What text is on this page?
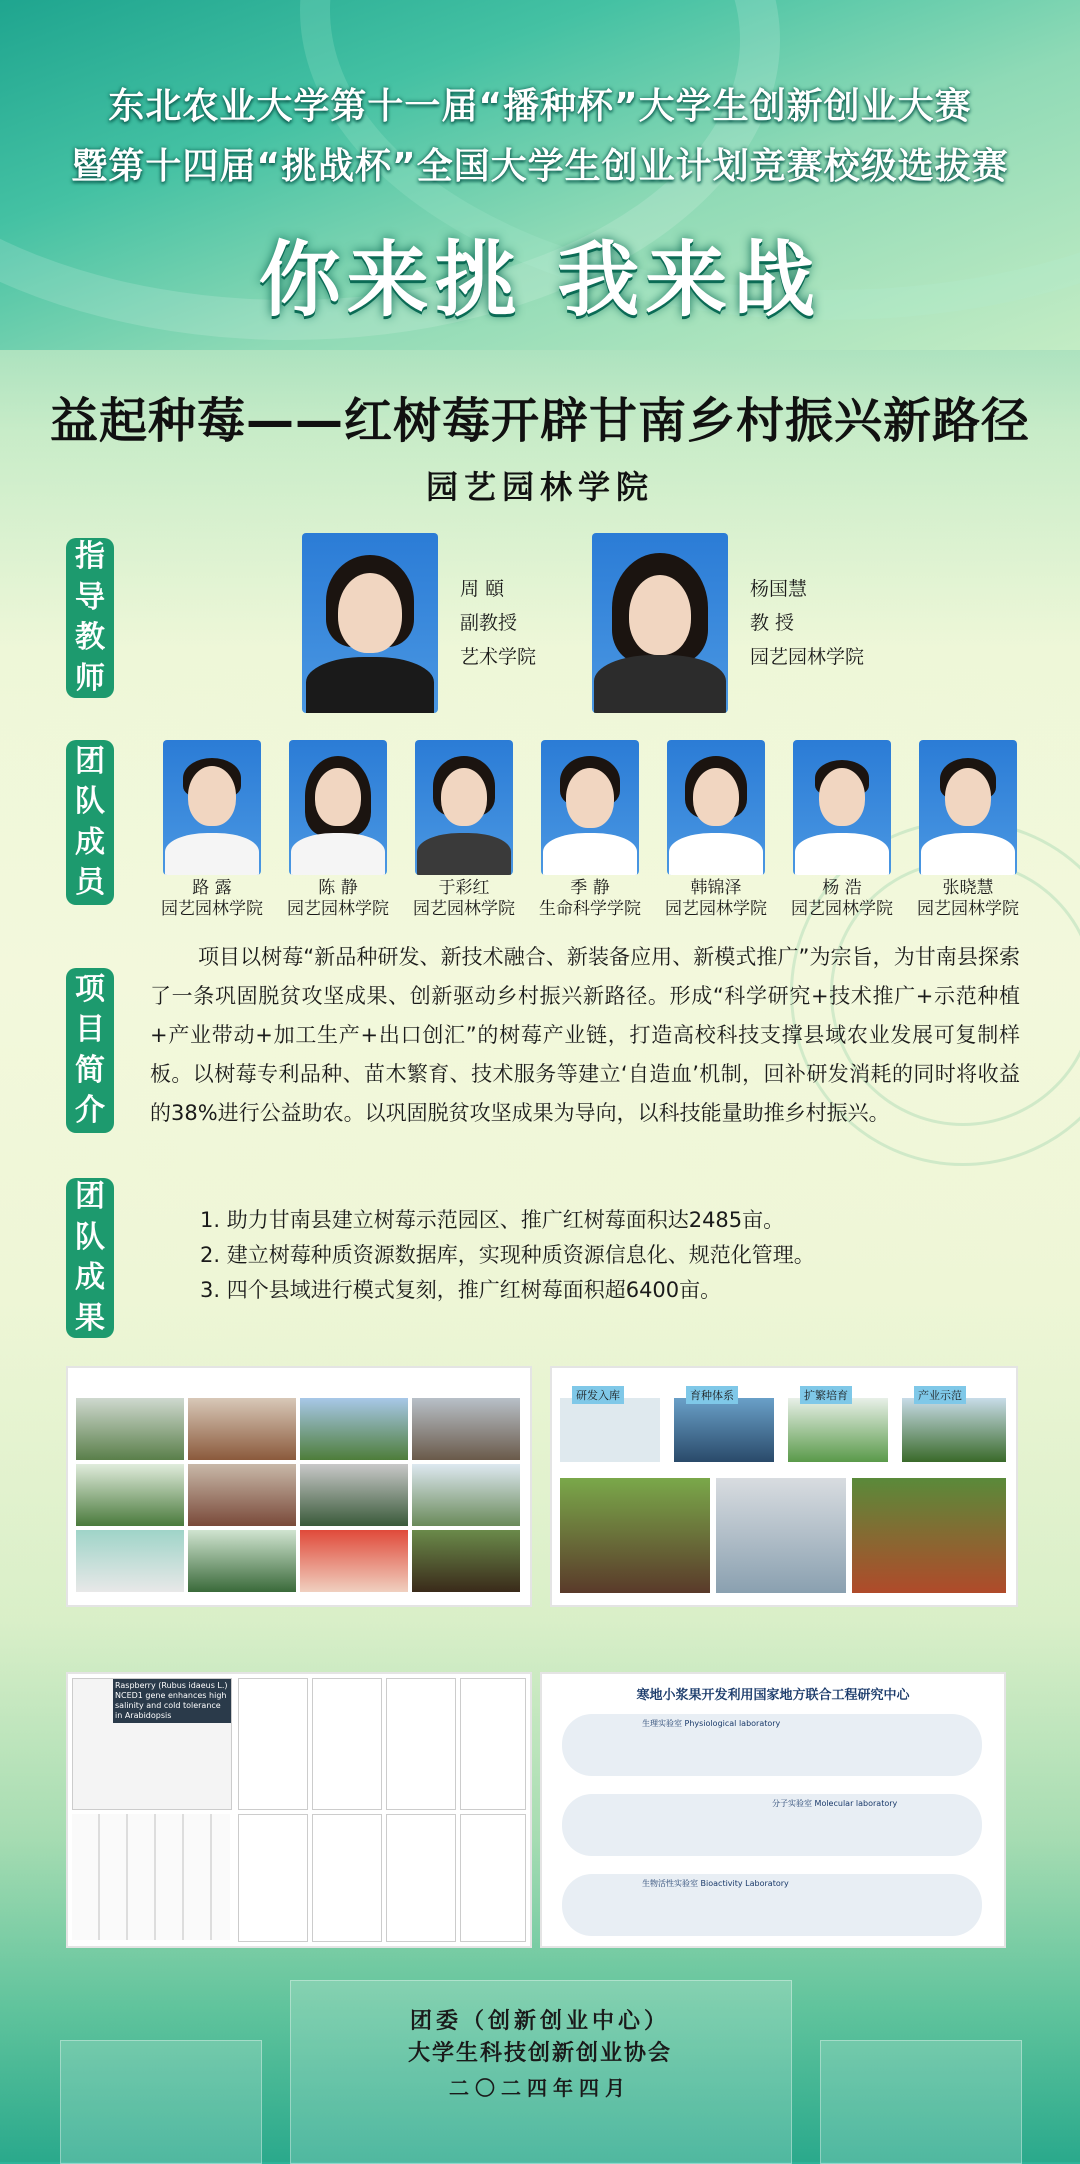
东北农业大学第十一届“播种杯”大学生创新创业大赛
暨第十四届“挑战杯”全国大学生创业计划竞赛校级选拔赛
你来挑 我来战
益起种莓——红树莓开辟甘南乡村振兴新路径
园艺园林学院
指
导
教
师
周 頤
副教授
艺术学院
杨国慧
教 授
园艺园林学院
团
队
成
员	路 露
园艺园林学院
陈 静
园艺园林学院
于彩红
园艺园林学院
季 静
生命科学学院
韩锦泽
园艺园林学院
杨 浩
园艺园林学院
张晓慧
园艺园林学院
项
目
简
介
项目以树莓“新品种研发、新技术融合、新装备应用、新模式推广”为宗旨，为甘南县探索了一条巩固脱贫攻坚成果、创新驱动乡村振兴新路径。形成“科学研究+技术推广+示范种植+产业带动+加工生产+出口创汇”的树莓产业链，打造高校科技支撑县域农业发展可复制样板。以树莓专利品种、苗木繁育、技术服务等建立‘自造血’机制，回补研发消耗的同时将收益的38%进行公益助农。以巩固脱贫攻坚成果为导向，以科技能量助推乡村振兴。
团
队
成
果
1. 助力甘南县建立树莓示范园区、推广红树莓面积达2485亩。
2. 建立树莓种质资源数据库，实现种质资源信息化、规范化管理。
3. 四个县域进行模式复刻，推广红树莓面积超6400亩。
研发入库	育种体系	扩繁培育	产业示范
Raspberry (Rubus idaeus L.) NCED1 gene enhances high salinity and cold tolerance in Arabidopsis
寒地小浆果开发利用国家地方联合工程研究中心
生理实验室 Physiological laboratory
分子实验室 Molecular laboratory
生物活性实验室 Bioactivity Laboratory
团委（创新创业中心）
大学生科技创新创业协会
二〇二四年四月
